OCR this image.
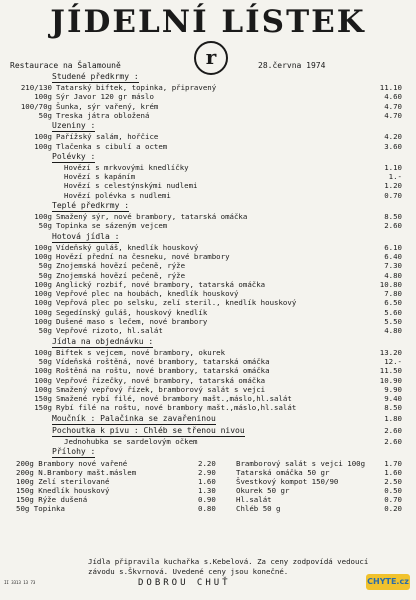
JÍDELNÍ LÍSTEK
r
Restaurace na Šalamouně	28.června 1974
Studené předkrmy :
210/130 Tatarský biftek, topinka, připravený	11.10
100g Sýr Javor 120 gr máslo	4.60
100/70g Šunka, sýr vařený, krém	4.70
50g Treska játra obložená	4.70
Uzeniny :
100g Pařížský salám, hořčice	4.20
100g Tlačenka s cibulí a octem	3.60
Polévky :
Hovězí s mrkvovými knedlíčky	1.10
Hovězí s kapáním	1.-
Hovězí s celestýnskými nudlemi	1.20
Hovězí polévka s nudlemi	0.70
Teplé předkrmy :
100g Smažený sýr, nové brambory, tatarská omáčka	8.50
50g Topinka se sázeným vejcem	2.60
Hotová jídla :
100g Vídeňský guláš, knedlík houskový	6.10
100g Hovězí přední na česneku, nové brambory	6.40
50g Znojemská hovězí pečeně, rýže	7.30
50g Znojemská hovězí pečeně, rýže	4.80
100g Anglický rozbif, nové brambory, tatarská omáčka	10.80
100g Vepřové plec na houbách, knedlík houskový	7.80
100g Vepřová plec po selsku, zelí steril., knedlík houskový	6.50
100g Segedínský guláš, houskový knedlík	5.60
100g Dušené maso s lečem, nové brambory	5.50
50g Vepřové rizoto, hl.salát	4.80
Jídla na objednávku :
100g Biftek s vejcem, nové brambory, okurek	13.20
50g Vídeňská roštěná, nové brambory, tatarská omáčka	12.-
100g Roštěná na roštu, nové brambory, tatarská omáčka	11.50
100g Vepřové řízečky, nové brambory, tatarská omáčka	10.90
100g Smažený vepřový řízek, bramborový salát s vejci	9.90
150g Smažené rybí filé, nové brambory mašt.,máslo,hl.salát	9.40
150g Rybí filé na roštu, nové brambory mašt.,máslo,hl.salát	8.50
Moučník : Palačinka se zavařeninou	1.80
Pochoutka k pivu : Chléb se třenou nivou	2.60
Jednohubka se sardelovým očkem	2.60
Přílohy :
200g Brambory nové vařené	2.20	Bramborový salát s vejci 100g	1.70
200g N.Brambory mašt.máslem	2.90	Tatarská omáčka 50 gr	1.60
100g Zelí sterilované	1.60	Švestkový kompot 150/90	2.50
150g Knedlík houskový	1.30	Okurek 50 gr	0.50
150g Rýže dušená	0.90	Hl.salát	0.70
50g Topinka	0.80	Chléb 50 g	0.20
Jídla připravila kuchařka s.Kebelová. Za ceny zodpovídá vedoucí
závodu s.Škvrnová. Uvedené ceny jsou konečné.
DOBROU CHUŤ
II 3313 13 73	CHYTE.cz
